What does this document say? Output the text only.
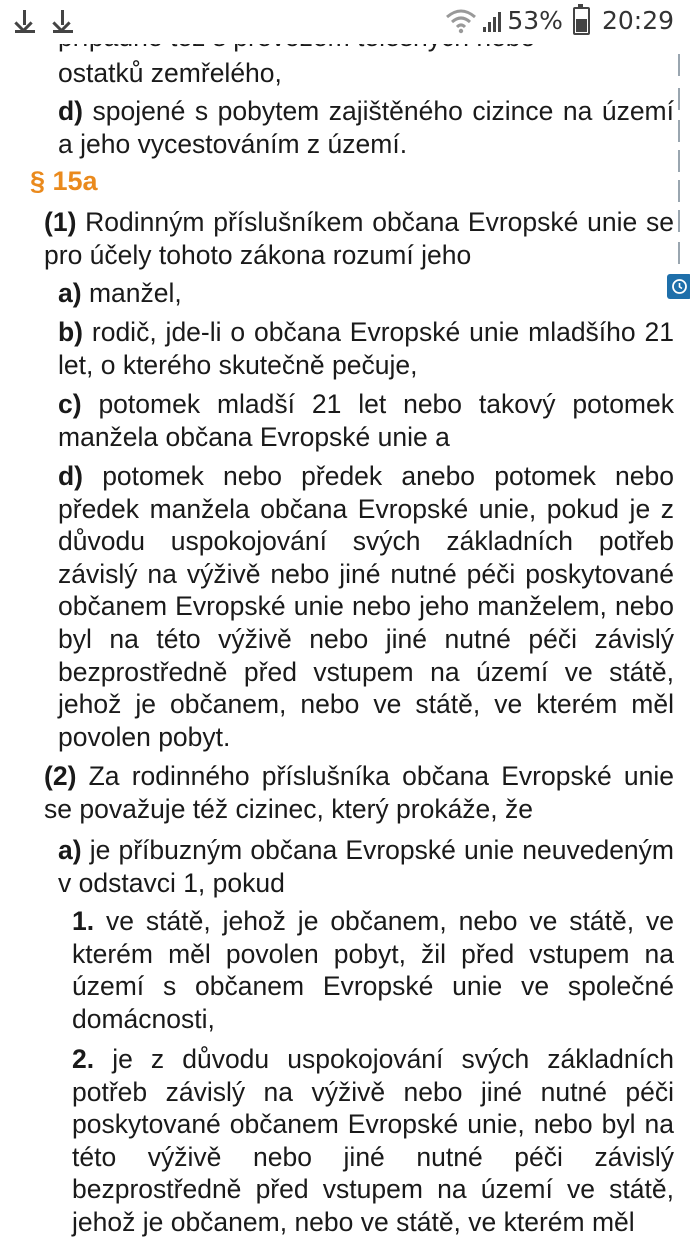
ostatků zemřelého,
d) spojené s pobytem zajištěného cizince na území a jeho vycestováním z území.
§ 15a
(1) Rodinným příslušníkem občana Evropské unie se pro účely tohoto zákona rozumí jeho
a) manžel,
b) rodič, jde-li o občana Evropské unie mladšího 21 let, o kterého skutečně pečuje,
c) potomek mladší 21 let nebo takový potomek manžela občana Evropské unie a
d) potomek nebo předek anebo potomek nebo předek manžela občana Evropské unie, pokud je z důvodu uspokojování svých základních potřeb závislý na výživě nebo jiné nutné péči poskytované občanem Evropské unie nebo jeho manželem, nebo byl na této výživě nebo jiné nutné péči závislý bezprostředně před vstupem na území ve státě, jehož je občanem, nebo ve státě, ve kterém měl povolen pobyt.
(2) Za rodinného příslušníka občana Evropské unie se považuje též cizinec, který prokáže, že
a) je příbuzným občana Evropské unie neuvedeným v odstavci 1, pokud
1. ve státě, jehož je občanem, nebo ve státě, ve kterém měl povolen pobyt, žil před vstupem na území s občanem Evropské unie ve společné domácnosti,
2. je z důvodu uspokojování svých základních potřeb závislý na výživě nebo jiné nutné péči poskytované občanem Evropské unie, nebo byl na této výživě nebo jiné nutné péči závislý bezprostředně před vstupem na území ve státě, jehož je občanem, nebo ve státě, ve kterém měl
53% 20:29
